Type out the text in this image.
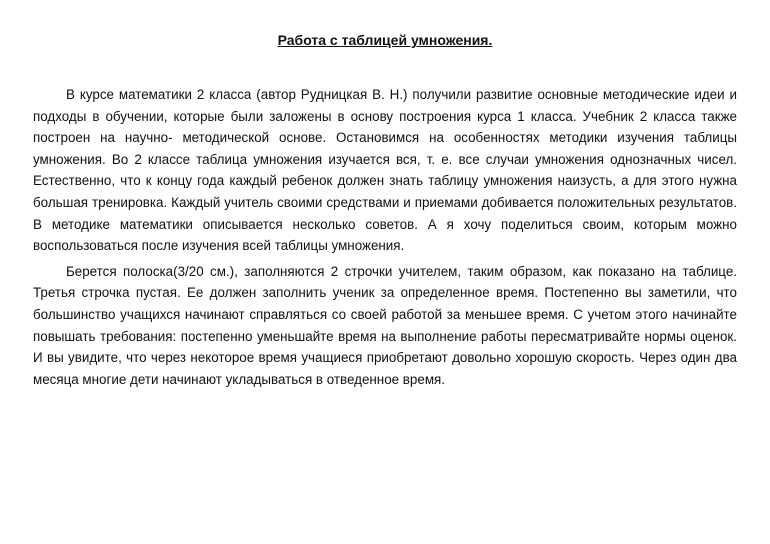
Работа с таблицей умножения.

В курсе математики 2 класса (автор Рудницкая В. Н.) получили развитие основные методические идеи и подходы в обучении, которые были заложены в основу построения курса 1 класса. Учебник 2 класса также построен на научно- методической основе. Остановимся на особенностях методики изучения таблицы умножения. Во 2 классе таблица умножения изучается вся, т. е. все случаи умножения однозначных чисел. Естественно, что к концу года каждый ребенок должен знать таблицу умножения наизусть, а для этого нужна большая тренировка. Каждый учитель своими средствами и приемами добивается положительных результатов. В методике математики описывается несколько советов. А я хочу поделиться своим, которым можно воспользоваться после изучения всей таблицы умножения.

Берется полоска(3/20 см.), заполняются 2 строчки учителем, таким образом, как показано на таблице. Третья строчка пустая. Ее должен заполнить ученик за определенное время. Постепенно вы заметили, что большинство учащихся начинают справляться со своей работой за меньшее время. С учетом этого начинайте повышать требования: постепенно уменьшайте время на выполнение работы пересматривайте нормы оценок. И вы увидите, что через некоторое время учащиеся приобретают довольно хорошую скорость. Через один два месяца многие дети начинают укладываться в отведенное время.
